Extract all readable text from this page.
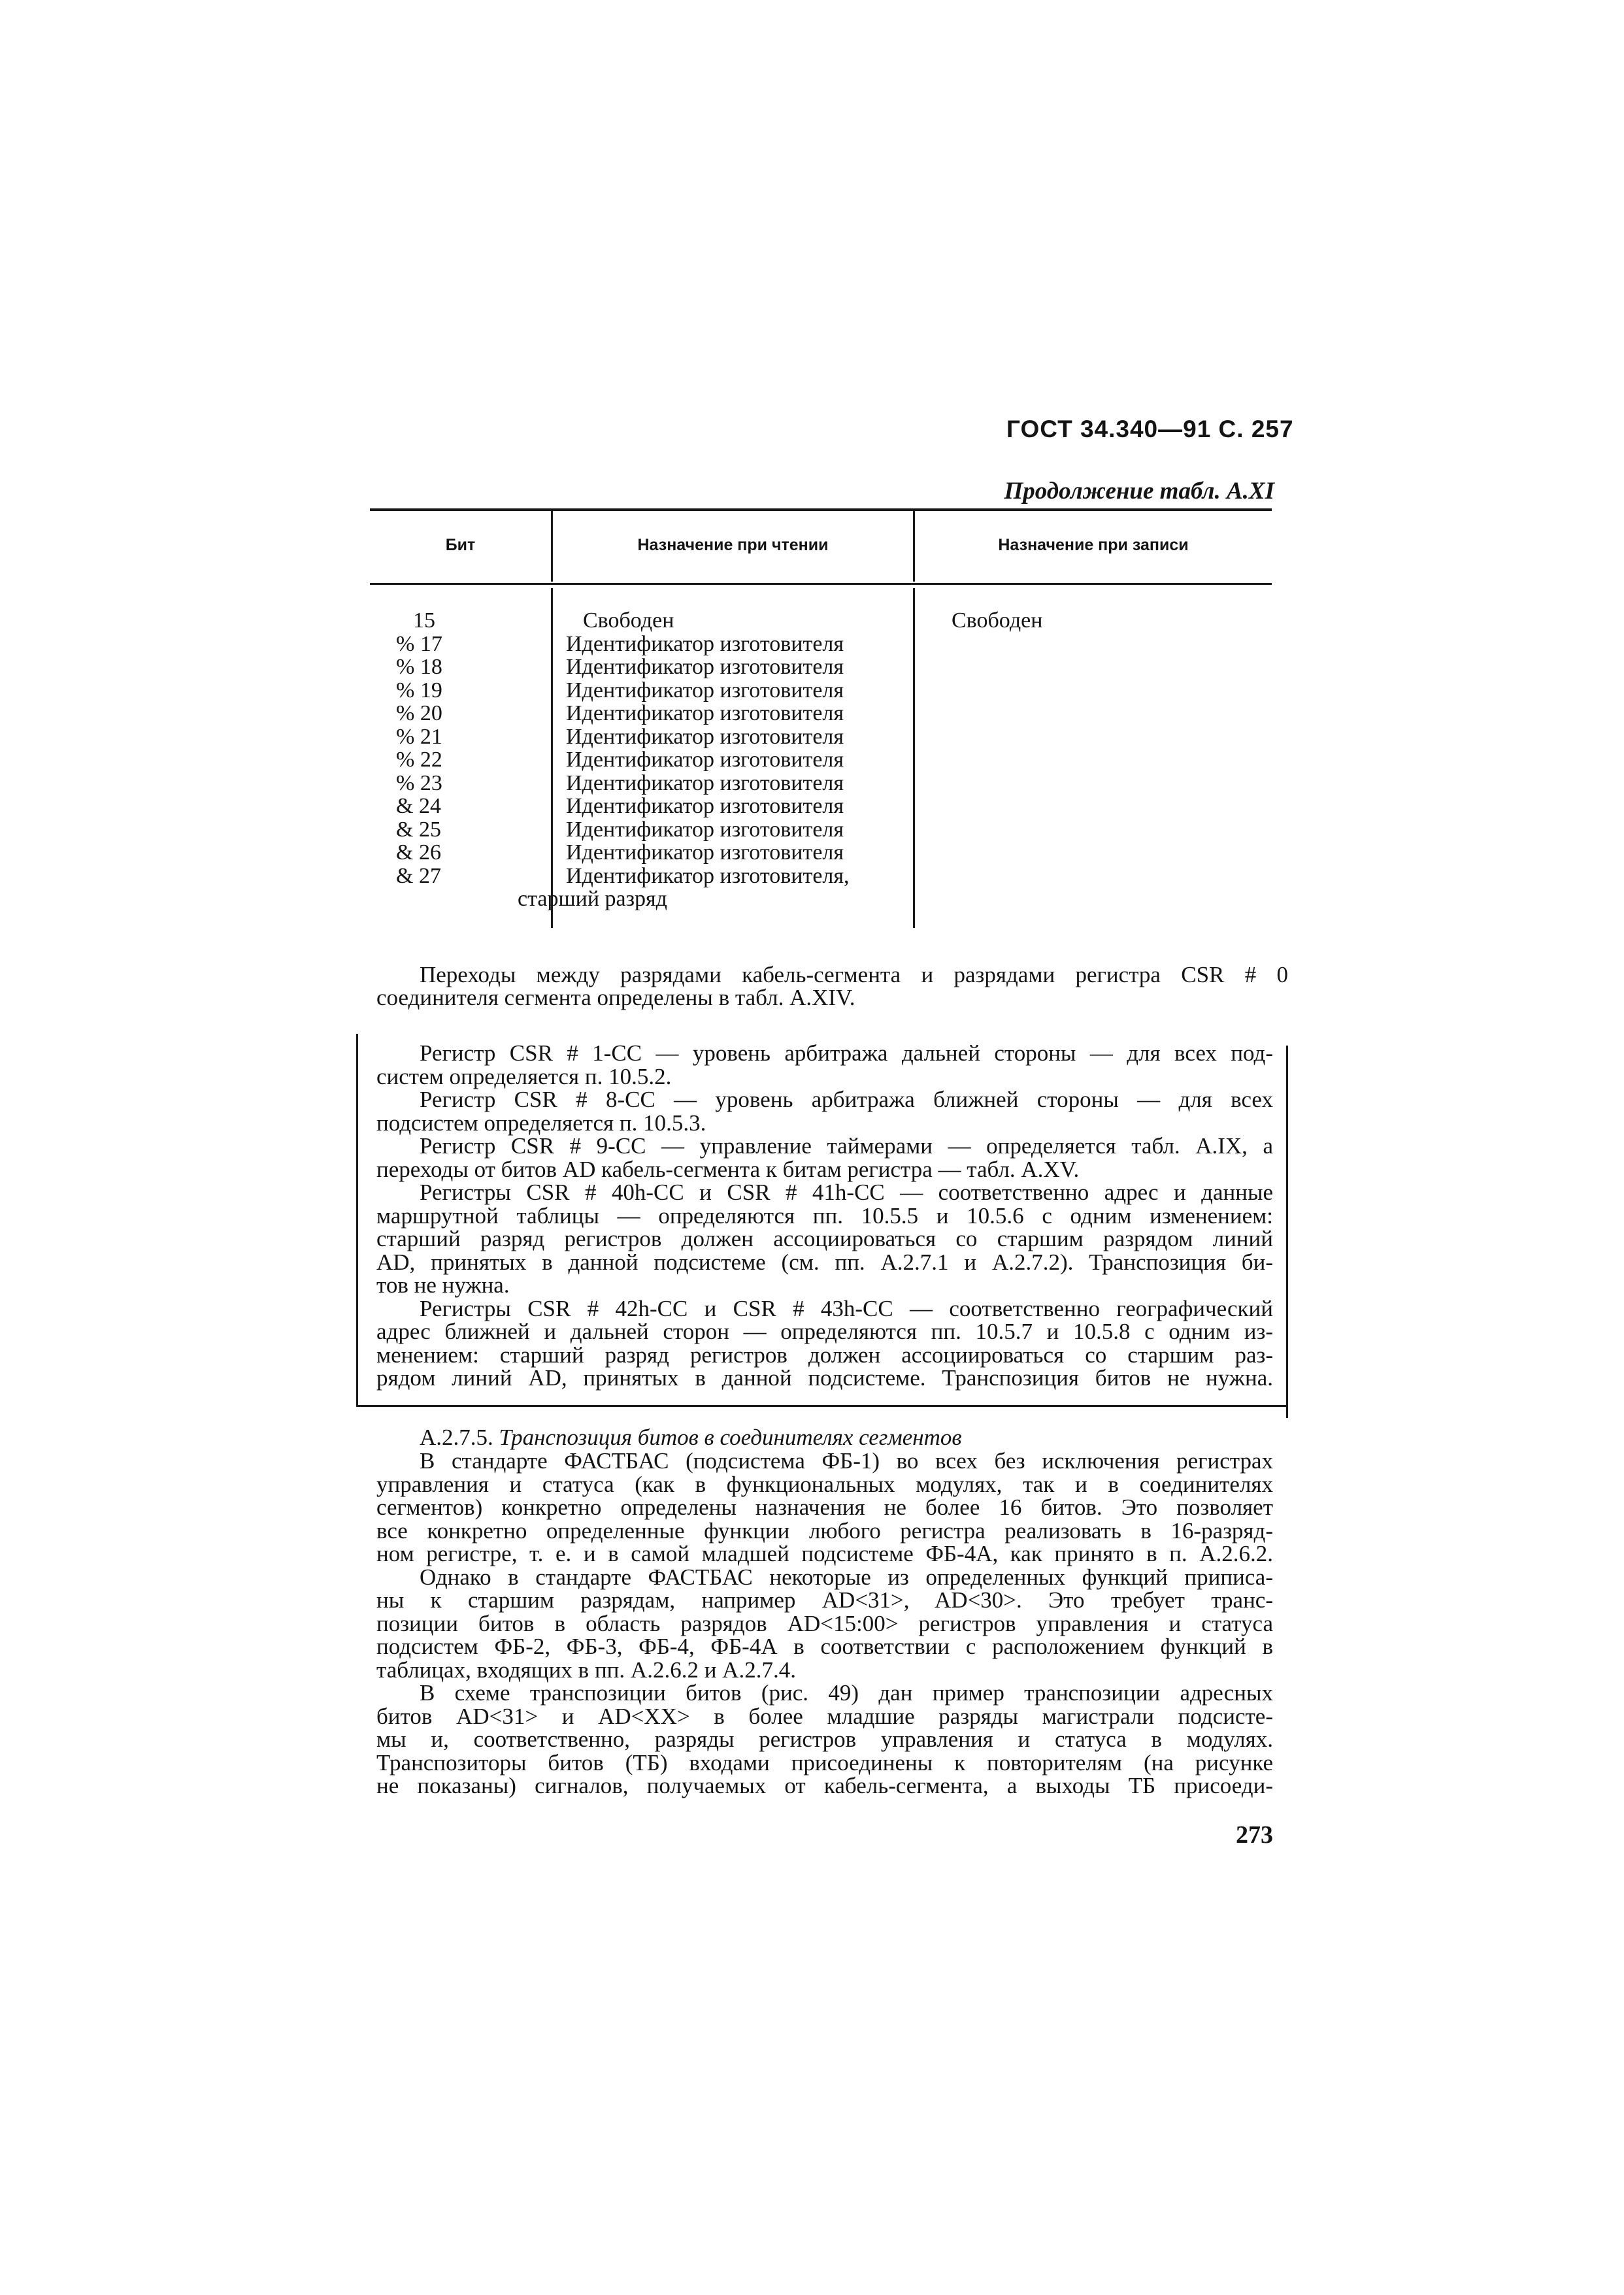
ГОСТ 34.340—91 С. 257
Продолжение табл. А.XI
Бит	Назначение при чтении	Назначение при записи
15	Свободен	Свободен
% 17	Идентификатор изготовителя
% 18	Идентификатор изготовителя
% 19	Идентификатор изготовителя
% 20	Идентификатор изготовителя
% 21	Идентификатор изготовителя
% 22	Идентификатор изготовителя
% 23	Идентификатор изготовителя
& 24	Идентификатор изготовителя
& 25	Идентификатор изготовителя
& 26	Идентификатор изготовителя
& 27	Идентификатор изготовителя,
старший разряд
Переходы между разрядами кабель-сегмента и разрядами регистра CSR # 0
соединителя сегмента определены в табл. А.XIV.
Регистр CSR # 1-CC — уровень арбитража дальней стороны — для всех под-
систем определяется п. 10.5.2.
Регистр CSR # 8-CC — уровень арбитража ближней стороны — для всех
подсистем определяется п. 10.5.3.
Регистр CSR # 9-CC — управление таймерами — определяется табл. А.IX, а
переходы от битов AD кабель-сегмента к битам регистра — табл. А.XV.
Регистры CSR # 40h-CC и CSR # 41h-CC — соответственно адрес и данные
маршрутной таблицы — определяются пп. 10.5.5 и 10.5.6 с одним изменением:
старший разряд регистров должен ассоциироваться со старшим разрядом линий
AD, принятых в данной подсистеме (см. пп. А.2.7.1 и А.2.7.2). Транспозиция би-
тов не нужна.
Регистры CSR # 42h-CC и CSR # 43h-CC — соответственно географический
адрес ближней и дальней сторон — определяются пп. 10.5.7 и 10.5.8 с одним из-
менением: старший разряд регистров должен ассоциироваться со старшим раз-
рядом линий AD, принятых в данной подсистеме. Транспозиция битов не нужна.
А.2.7.5. Транспозиция битов в соединителях сегментов
В стандарте ФАСТБАС (подсистема ФБ-1) во всех без исключения регистрах
управления и статуса (как в функциональных модулях, так и в соединителях
сегментов) конкретно определены назначения не более 16 битов. Это позволяет
все конкретно определенные функции любого регистра реализовать в 16-разряд-
ном регистре, т. е. и в самой младшей подсистеме ФБ-4А, как принято в п. А.2.6.2.
Однако в стандарте ФАСТБАС некоторые из определенных функций приписа-
ны к старшим разрядам, например AD<31>, AD<30>. Это требует транс-
позиции битов в область разрядов AD<15:00> регистров управления и статуса
подсистем ФБ-2, ФБ-3, ФБ-4, ФБ-4А в соответствии с расположением функций в
таблицах, входящих в пп. А.2.6.2 и А.2.7.4.
В схеме транспозиции битов (рис. 49) дан пример транспозиции адресных
битов AD<31> и AD<XX> в более младшие разряды магистрали подсисте-
мы и, соответственно, разряды регистров управления и статуса в модулях.
Транспозиторы битов (ТБ) входами присоединены к повторителям (на рисунке
не показаны) сигналов, получаемых от кабель-сегмента, а выходы ТБ присоеди-
273
